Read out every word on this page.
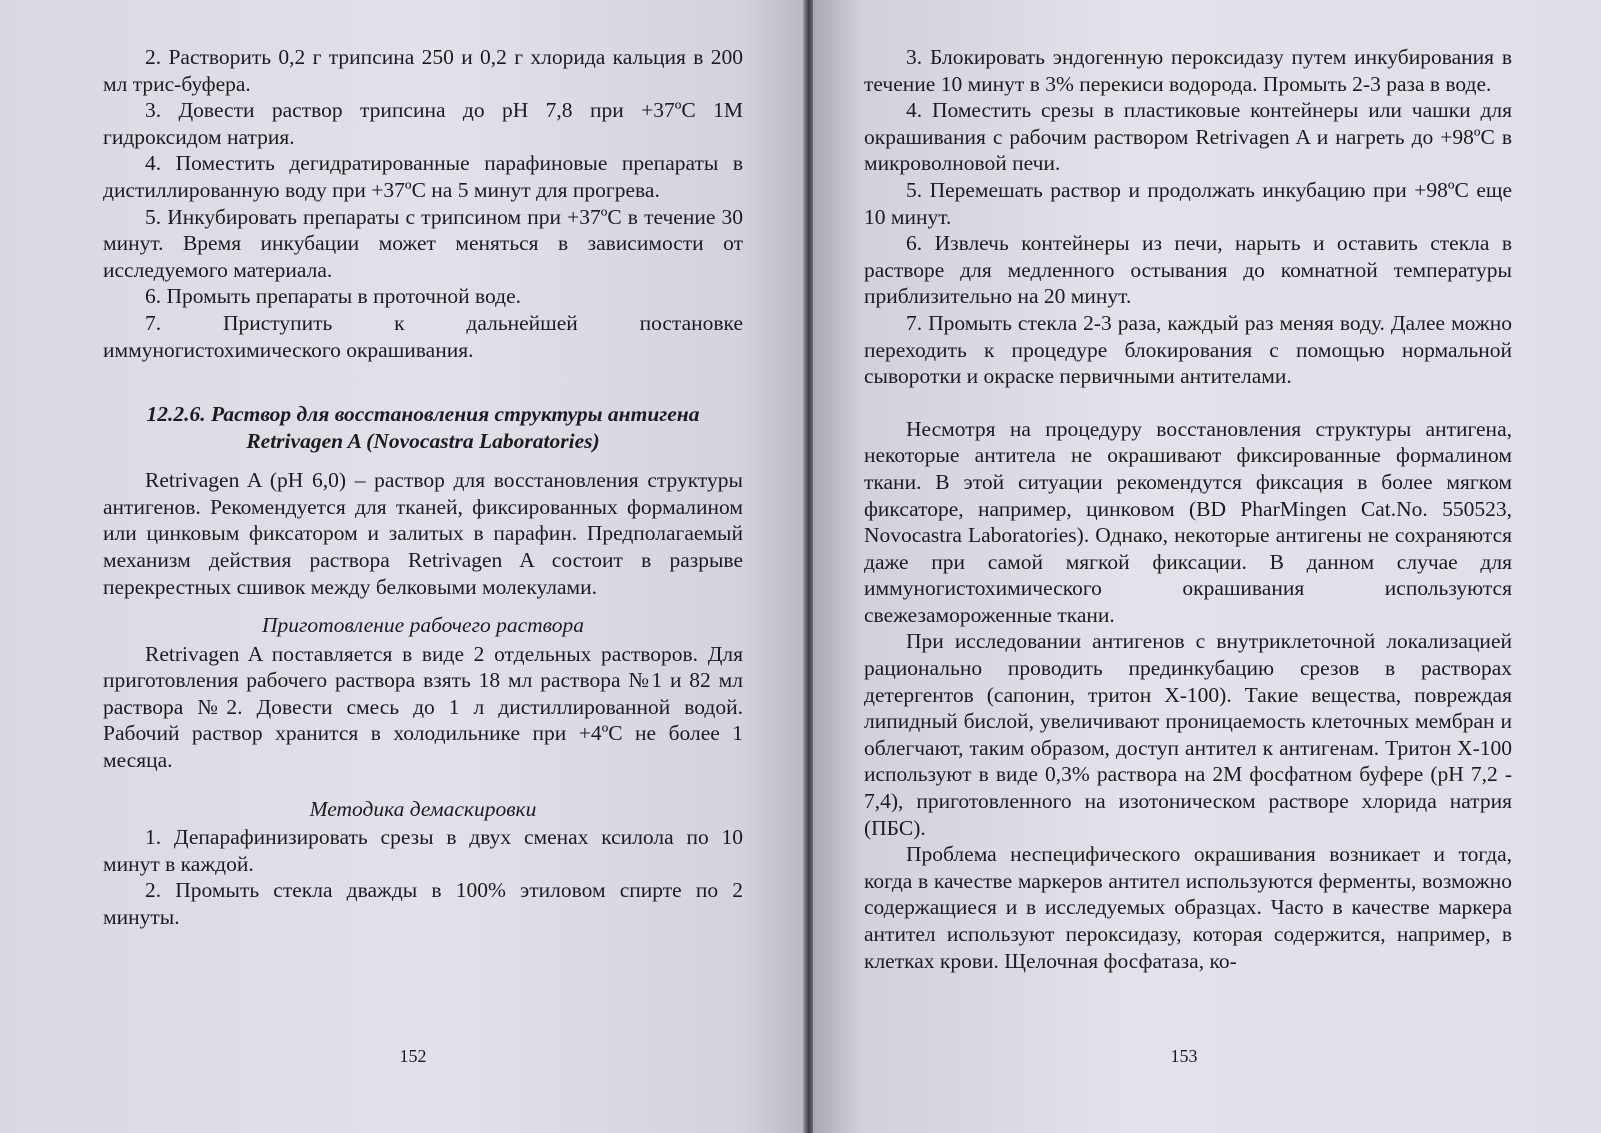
2. Растворить 0,2 г трипсина 250 и 0,2 г хлорида кальция в 200 мл трис-буфера.

3. Довести раствор трипсина до pH 7,8 при +37ºC 1M гидроксидом натрия.

4. Поместить дегидратированные парафиновые препараты в дистиллированную воду при +37ºC на 5 минут для прогрева.

5. Инкубировать препараты с трипсином при +37ºC в течение 30 минут. Время инкубации может меняться в зависимости от исследуемого материала.

6. Промыть препараты в проточной воде.

7. Приступить к дальнейшей постановке иммуногистохимического окрашивания.

12.2.6. Раствор для восстановления структуры антигена
Retrivagen A (Novocastra Laboratories)

Retrivagen A (pH 6,0) – раствор для восстановления структуры антигенов. Рекомендуется для тканей, фиксированных формалином или цинковым фиксатором и залитых в парафин. Предполагаемый механизм действия раствора Retrivagen A состоит в разрыве перекрестных сшивок между белковыми молекулами.

Приготовление рабочего раствора

Retrivagen A поставляется в виде 2 отдельных растворов. Для приготовления рабочего раствора взять 18 мл раствора №1 и 82 мл раствора №2. Довести смесь до 1 л дистиллированной водой. Рабочий раствор хранится в холодильнике при +4ºC не более 1 месяца.

Методика демаскировки

1. Депарафинизировать срезы в двух сменах ксилола по 10 минут в каждой.

2. Промыть стекла дважды в 100% этиловом спирте по 2 минуты.

152

3. Блокировать эндогенную пероксидазу путем инкубирования в течение 10 минут в 3% перекиси водорода. Промыть 2-3 раза в воде.

4. Поместить срезы в пластиковые контейнеры или чашки для окрашивания с рабочим раствором Retrivagen A и нагреть до +98ºC в микроволновой печи.

5. Перемешать раствор и продолжать инкубацию при +98ºC еще 10 минут.

6. Извлечь контейнеры из печи, нарыть и оставить стекла в растворе для медленного остывания до комнатной температуры приблизительно на 20 минут.

7. Промыть стекла 2-3 раза, каждый раз меняя воду. Далее можно переходить к процедуре блокирования с помощью нормальной сыворотки и окраске первичными антителами.

Несмотря на процедуру восстановления структуры антигена, некоторые антитела не окрашивают фиксированные формалином ткани. В этой ситуации рекомендутся фиксация в более мягком фиксаторе, например, цинковом (BD PharMingen Cat.No. 550523, Novocastra Laboratories). Однако, некоторые антигены не сохраняются даже при самой мягкой фиксации. В данном случае для иммуногистохимического окрашивания используются свежезамороженные ткани.

При исследовании антигенов с внутриклеточной локализацией рационально проводить прединкубацию срезов в растворах детергентов (сапонин, тритон Х-100). Такие вещества, повреждая липидный бислой, увеличивают проницаемость клеточных мембран и облегчают, таким образом, доступ антител к антигенам. Тритон Х-100 используют в виде 0,3% раствора на 2М фосфатном буфере (pH 7,2 - 7,4), приготовленного на изотоническом растворе хлорида натрия (ПБС).

Проблема неспецифического окрашивания возникает и тогда, когда в качестве маркеров антител используются ферменты, возможно содержащиеся и в исследуемых образцах. Часто в качестве маркера антител используют пероксидазу, которая содержится, например, в клетках крови. Щелочная фосфатаза, ко-

153
